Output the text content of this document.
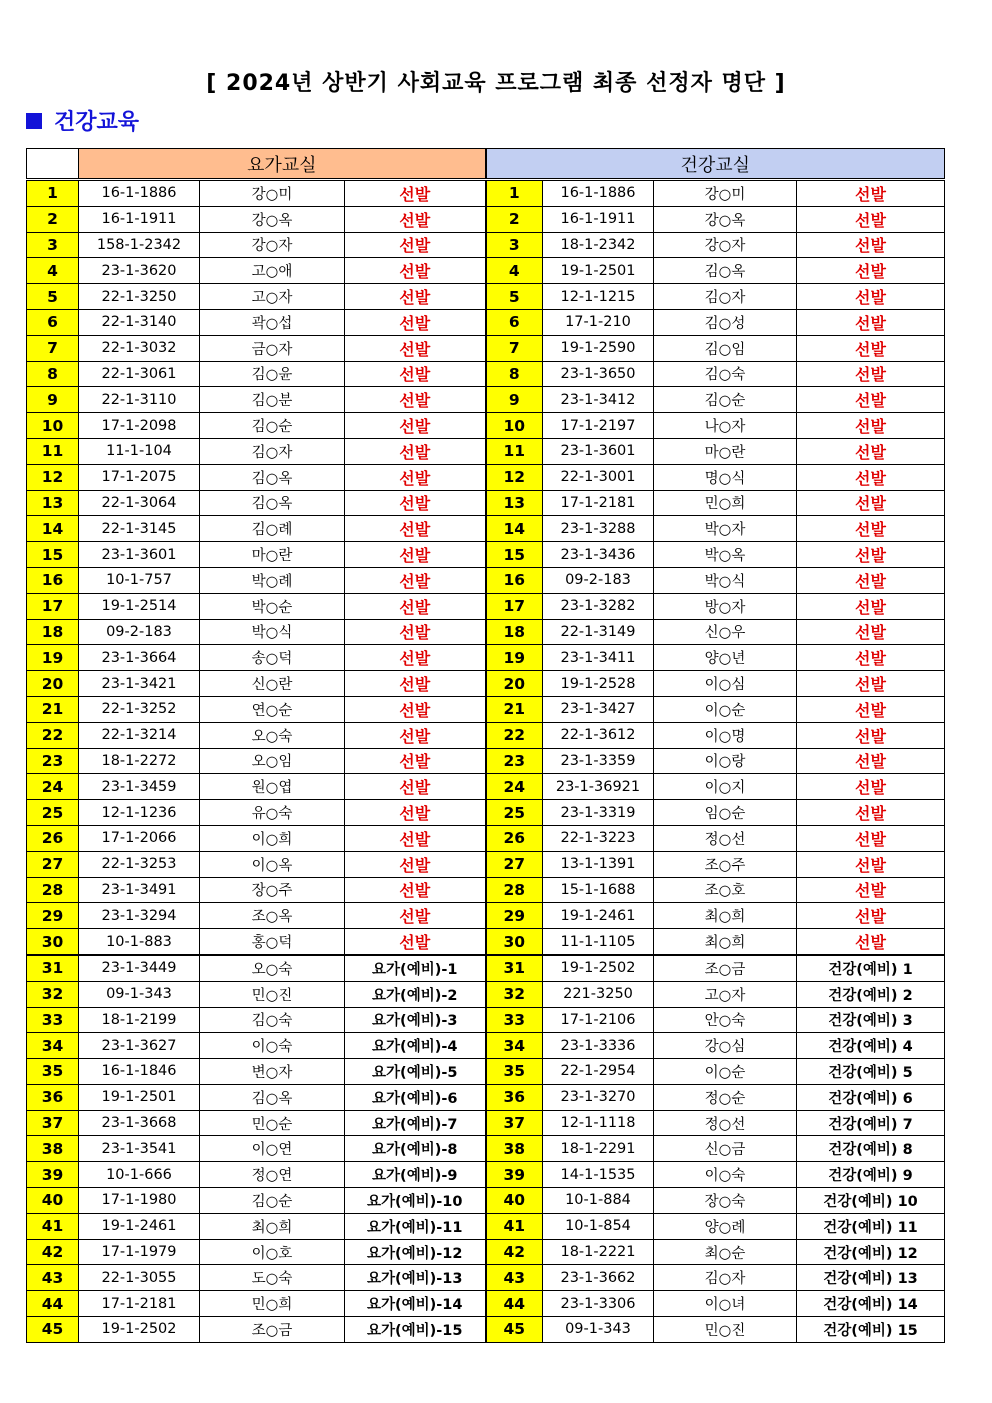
[ 2024년 상반기 사회교육 프로그램 최종 선정자 명단 ]
건강교육
	요가교실			건강교실			
1	16-1-1886	강○미	선발	1	16-1-1886	강○미	선발
2	16-1-1911	강○옥	선발	2	16-1-1911	강○옥	선발
3	158-1-2342	강○자	선발	3	18-1-2342	강○자	선발
4	23-1-3620	고○애	선발	4	19-1-2501	김○옥	선발
5	22-1-3250	고○자	선발	5	12-1-1215	김○자	선발
6	22-1-3140	곽○섭	선발	6	17-1-210	김○성	선발
7	22-1-3032	금○자	선발	7	19-1-2590	김○임	선발
8	22-1-3061	김○윤	선발	8	23-1-3650	김○숙	선발
9	22-1-3110	김○분	선발	9	23-1-3412	김○순	선발
10	17-1-2098	김○순	선발	10	17-1-2197	나○자	선발
11	11-1-104	김○자	선발	11	23-1-3601	마○란	선발
12	17-1-2075	김○옥	선발	12	22-1-3001	명○식	선발
13	22-1-3064	김○옥	선발	13	17-1-2181	민○희	선발
14	22-1-3145	김○례	선발	14	23-1-3288	박○자	선발
15	23-1-3601	마○란	선발	15	23-1-3436	박○옥	선발
16	10-1-757	박○례	선발	16	09-2-183	박○식	선발
17	19-1-2514	박○순	선발	17	23-1-3282	방○자	선발
18	09-2-183	박○식	선발	18	22-1-3149	신○우	선발
19	23-1-3664	송○덕	선발	19	23-1-3411	양○년	선발
20	23-1-3421	신○란	선발	20	19-1-2528	이○심	선발
21	22-1-3252	연○순	선발	21	23-1-3427	이○순	선발
22	22-1-3214	오○숙	선발	22	22-1-3612	이○명	선발
23	18-1-2272	오○임	선발	23	23-1-3359	이○랑	선발
24	23-1-3459	원○엽	선발	24	23-1-36921	이○지	선발
25	12-1-1236	유○숙	선발	25	23-1-3319	임○순	선발
26	17-1-2066	이○희	선발	26	22-1-3223	정○선	선발
27	22-1-3253	이○옥	선발	27	13-1-1391	조○주	선발
28	23-1-3491	장○주	선발	28	15-1-1688	조○호	선발
29	23-1-3294	조○옥	선발	29	19-1-2461	최○희	선발
30	10-1-883	홍○덕	선발	30	11-1-1105	최○희	선발
31	23-1-3449	오○숙	요가(예비)-1	31	19-1-2502	조○금	건강(예비) 1
32	09-1-343	민○진	요가(예비)-2	32	221-3250	고○자	건강(예비) 2
33	18-1-2199	김○숙	요가(예비)-3	33	17-1-2106	안○숙	건강(예비) 3
34	23-1-3627	이○숙	요가(예비)-4	34	23-1-3336	강○심	건강(예비) 4
35	16-1-1846	변○자	요가(예비)-5	35	22-1-2954	이○순	건강(예비) 5
36	19-1-2501	김○옥	요가(예비)-6	36	23-1-3270	정○순	건강(예비) 6
37	23-1-3668	민○순	요가(예비)-7	37	12-1-1118	정○선	건강(예비) 7
38	23-1-3541	이○연	요가(예비)-8	38	18-1-2291	신○금	건강(예비) 8
39	10-1-666	정○연	요가(예비)-9	39	14-1-1535	이○숙	건강(예비) 9
40	17-1-1980	김○순	요가(예비)-10	40	10-1-884	장○숙	건강(예비) 10
41	19-1-2461	최○희	요가(예비)-11	41	10-1-854	양○례	건강(예비) 11
42	17-1-1979	이○호	요가(예비)-12	42	18-1-2221	최○순	건강(예비) 12
43	22-1-3055	도○숙	요가(예비)-13	43	23-1-3662	김○자	건강(예비) 13
44	17-1-2181	민○희	요가(예비)-14	44	23-1-3306	이○녀	건강(예비) 14
45	19-1-2502	조○금	요가(예비)-15	45	09-1-343	민○진	건강(예비) 15
